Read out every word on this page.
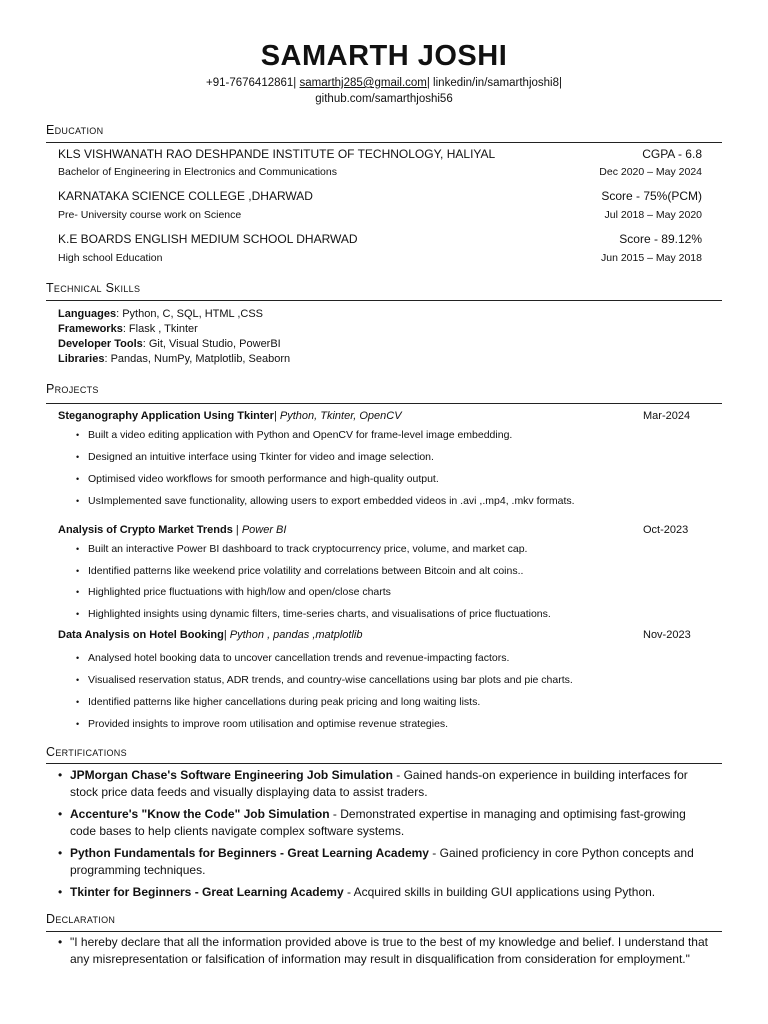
SAMARTH JOSHI
+91-7676412861| samarthj285@gmail.com| linkedin/in/samarthjoshi8|
github.com/samarthjoshi56
Education
KLS VISHWANATH RAO DESHPANDE INSTITUTE OF TECHNOLOGY, HALIYAL	CGPA - 6.8
Bachelor of Engineering in Electronics and Communications	Dec 2020 – May 2024
KARNATAKA SCIENCE COLLEGE ,DHARWAD	Score - 75%(PCM)
Pre- University course work on Science	Jul 2018 – May 2020
K.E BOARDS ENGLISH MEDIUM SCHOOL DHARWAD	Score - 89.12%
High school Education	Jun 2015 – May 2018
Technical Skills
Languages: Python, C, SQL, HTML ,CSS
Frameworks: Flask , Tkinter
Developer Tools: Git, Visual Studio, PowerBI
Libraries: Pandas, NumPy, Matplotlib, Seaborn
Projects
Steganography Application Using Tkinter| Python, Tkinter, OpenCV	Mar-2024
• Built a video editing application with Python and OpenCV for frame-level image embedding.
• Designed an intuitive interface using Tkinter for video and image selection.
• Optimised video workflows for smooth performance and high-quality output.
• UsImplemented save functionality, allowing users to export embedded videos in .avi ,.mp4, .mkv formats.
Analysis of Crypto Market Trends | Power BI	Oct-2023
• Built an interactive Power BI dashboard to track cryptocurrency price, volume, and market cap.
• Identified patterns like weekend price volatility and correlations between Bitcoin and alt coins..
• Highlighted price fluctuations with high/low and open/close charts
• Highlighted insights using dynamic filters, time-series charts, and visualisations of price fluctuations.
Data Analysis on Hotel Booking| Python , pandas ,matplotlib	Nov-2023
• Analysed hotel booking data to uncover cancellation trends and revenue-impacting factors.
• Visualised reservation status, ADR trends, and country-wise cancellations using bar plots and pie charts.
• Identified patterns like higher cancellations during peak pricing and long waiting lists.
• Provided insights to improve room utilisation and optimise revenue strategies.
Certifications
• JPMorgan Chase's Software Engineering Job Simulation - Gained hands-on experience in building interfaces for stock price data feeds and visually displaying data to assist traders.
• Accenture's "Know the Code" Job Simulation - Demonstrated expertise in managing and optimising fast-growing code bases to help clients navigate complex software systems.
• Python Fundamentals for Beginners - Great Learning Academy - Gained proficiency in core Python concepts and programming techniques.
• Tkinter for Beginners - Great Learning Academy - Acquired skills in building GUI applications using Python.
Declaration
• "I hereby declare that all the information provided above is true to the best of my knowledge and belief. I understand that any misrepresentation or falsification of information may result in disqualification from consideration for employment."
